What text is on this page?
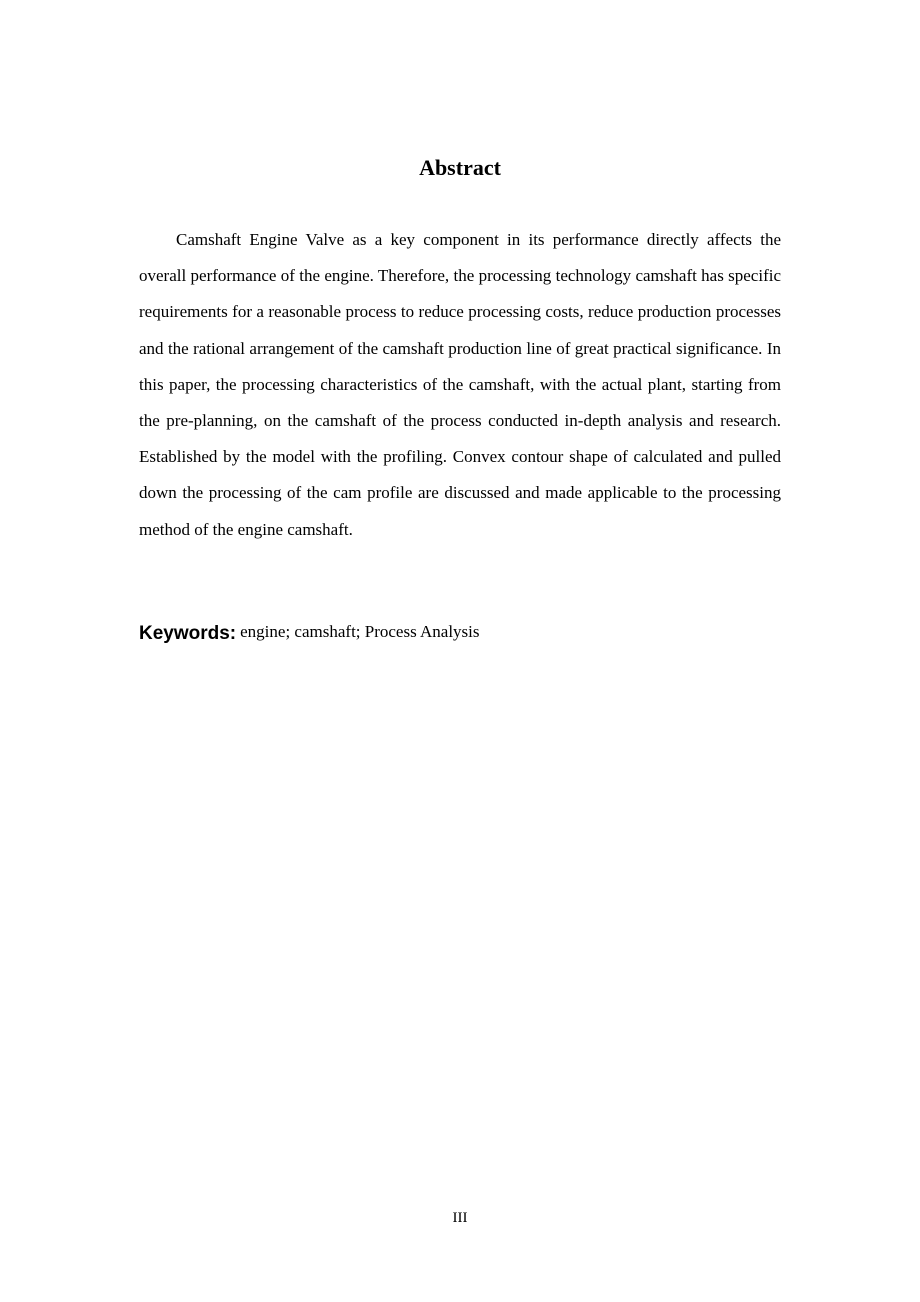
Abstract

Camshaft Engine Valve as a key component in its performance directly affects the overall performance of the engine. Therefore, the processing technology camshaft has specific requirements for a reasonable process to reduce processing costs, reduce production processes and the rational arrangement of the camshaft production line of great practical significance. In this paper, the processing characteristics of the camshaft, with the actual plant, starting from the pre-planning, on the camshaft of the process conducted in-depth analysis and research. Established by the model with the profiling. Convex contour shape of calculated and pulled down the processing of the cam profile are discussed and made applicable to the processing method of the engine camshaft.

Keywords: engine; camshaft; Process Analysis
III
